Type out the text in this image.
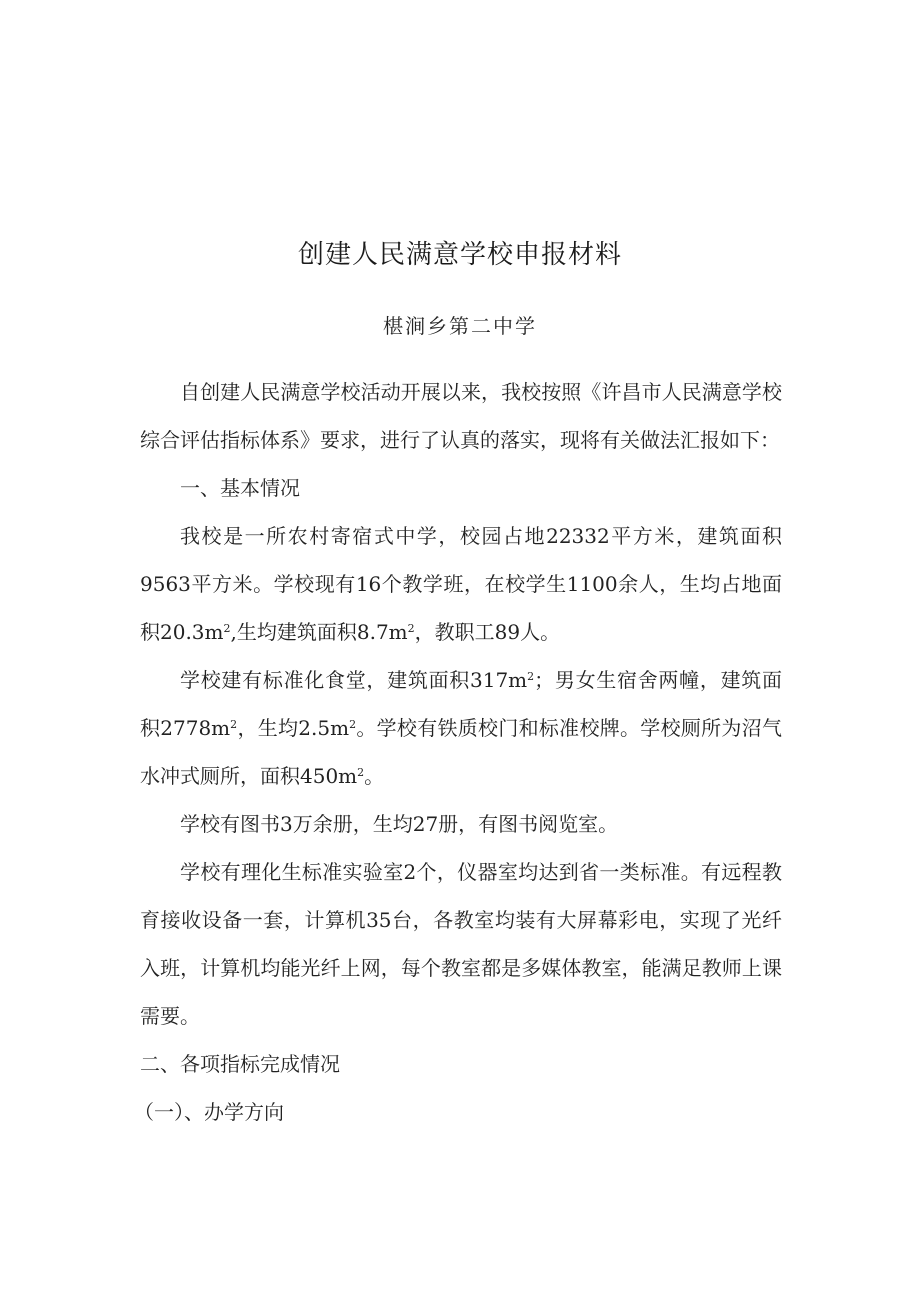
创建人民满意学校申报材料
椹涧乡第二中学

自创建人民满意学校活动开展以来，我校按照《许昌市人民满意学校综合评估指标体系》要求，进行了认真的落实，现将有关做法汇报如下：

一、基本情况

我校是一所农村寄宿式中学，校园占地22332平方米，建筑面积9563平方米。学校现有16个教学班，在校学生1100余人，生均占地面积$20.3m^2$,生均建筑面积$8.7m^2$，教职工89人。

学校建有标准化食堂，建筑面积$317m^2$；男女生宿舍两幢，建筑面积$2778m^2$，生均$2.5m^2$。学校有铁质校门和标准校牌。学校厕所为沼气水冲式厕所，面积$450m^2$。

学校有图书3万余册，生均27册，有图书阅览室。

学校有理化生标准实验室2个，仪器室均达到省一类标准。有远程教育接收设备一套，计算机35台，各教室均装有大屏幕彩电，实现了光纤入班，计算机均能光纤上网，每个教室都是多媒体教室，能满足教师上课需要。

二、各项指标完成情况

（一）、办学方向
